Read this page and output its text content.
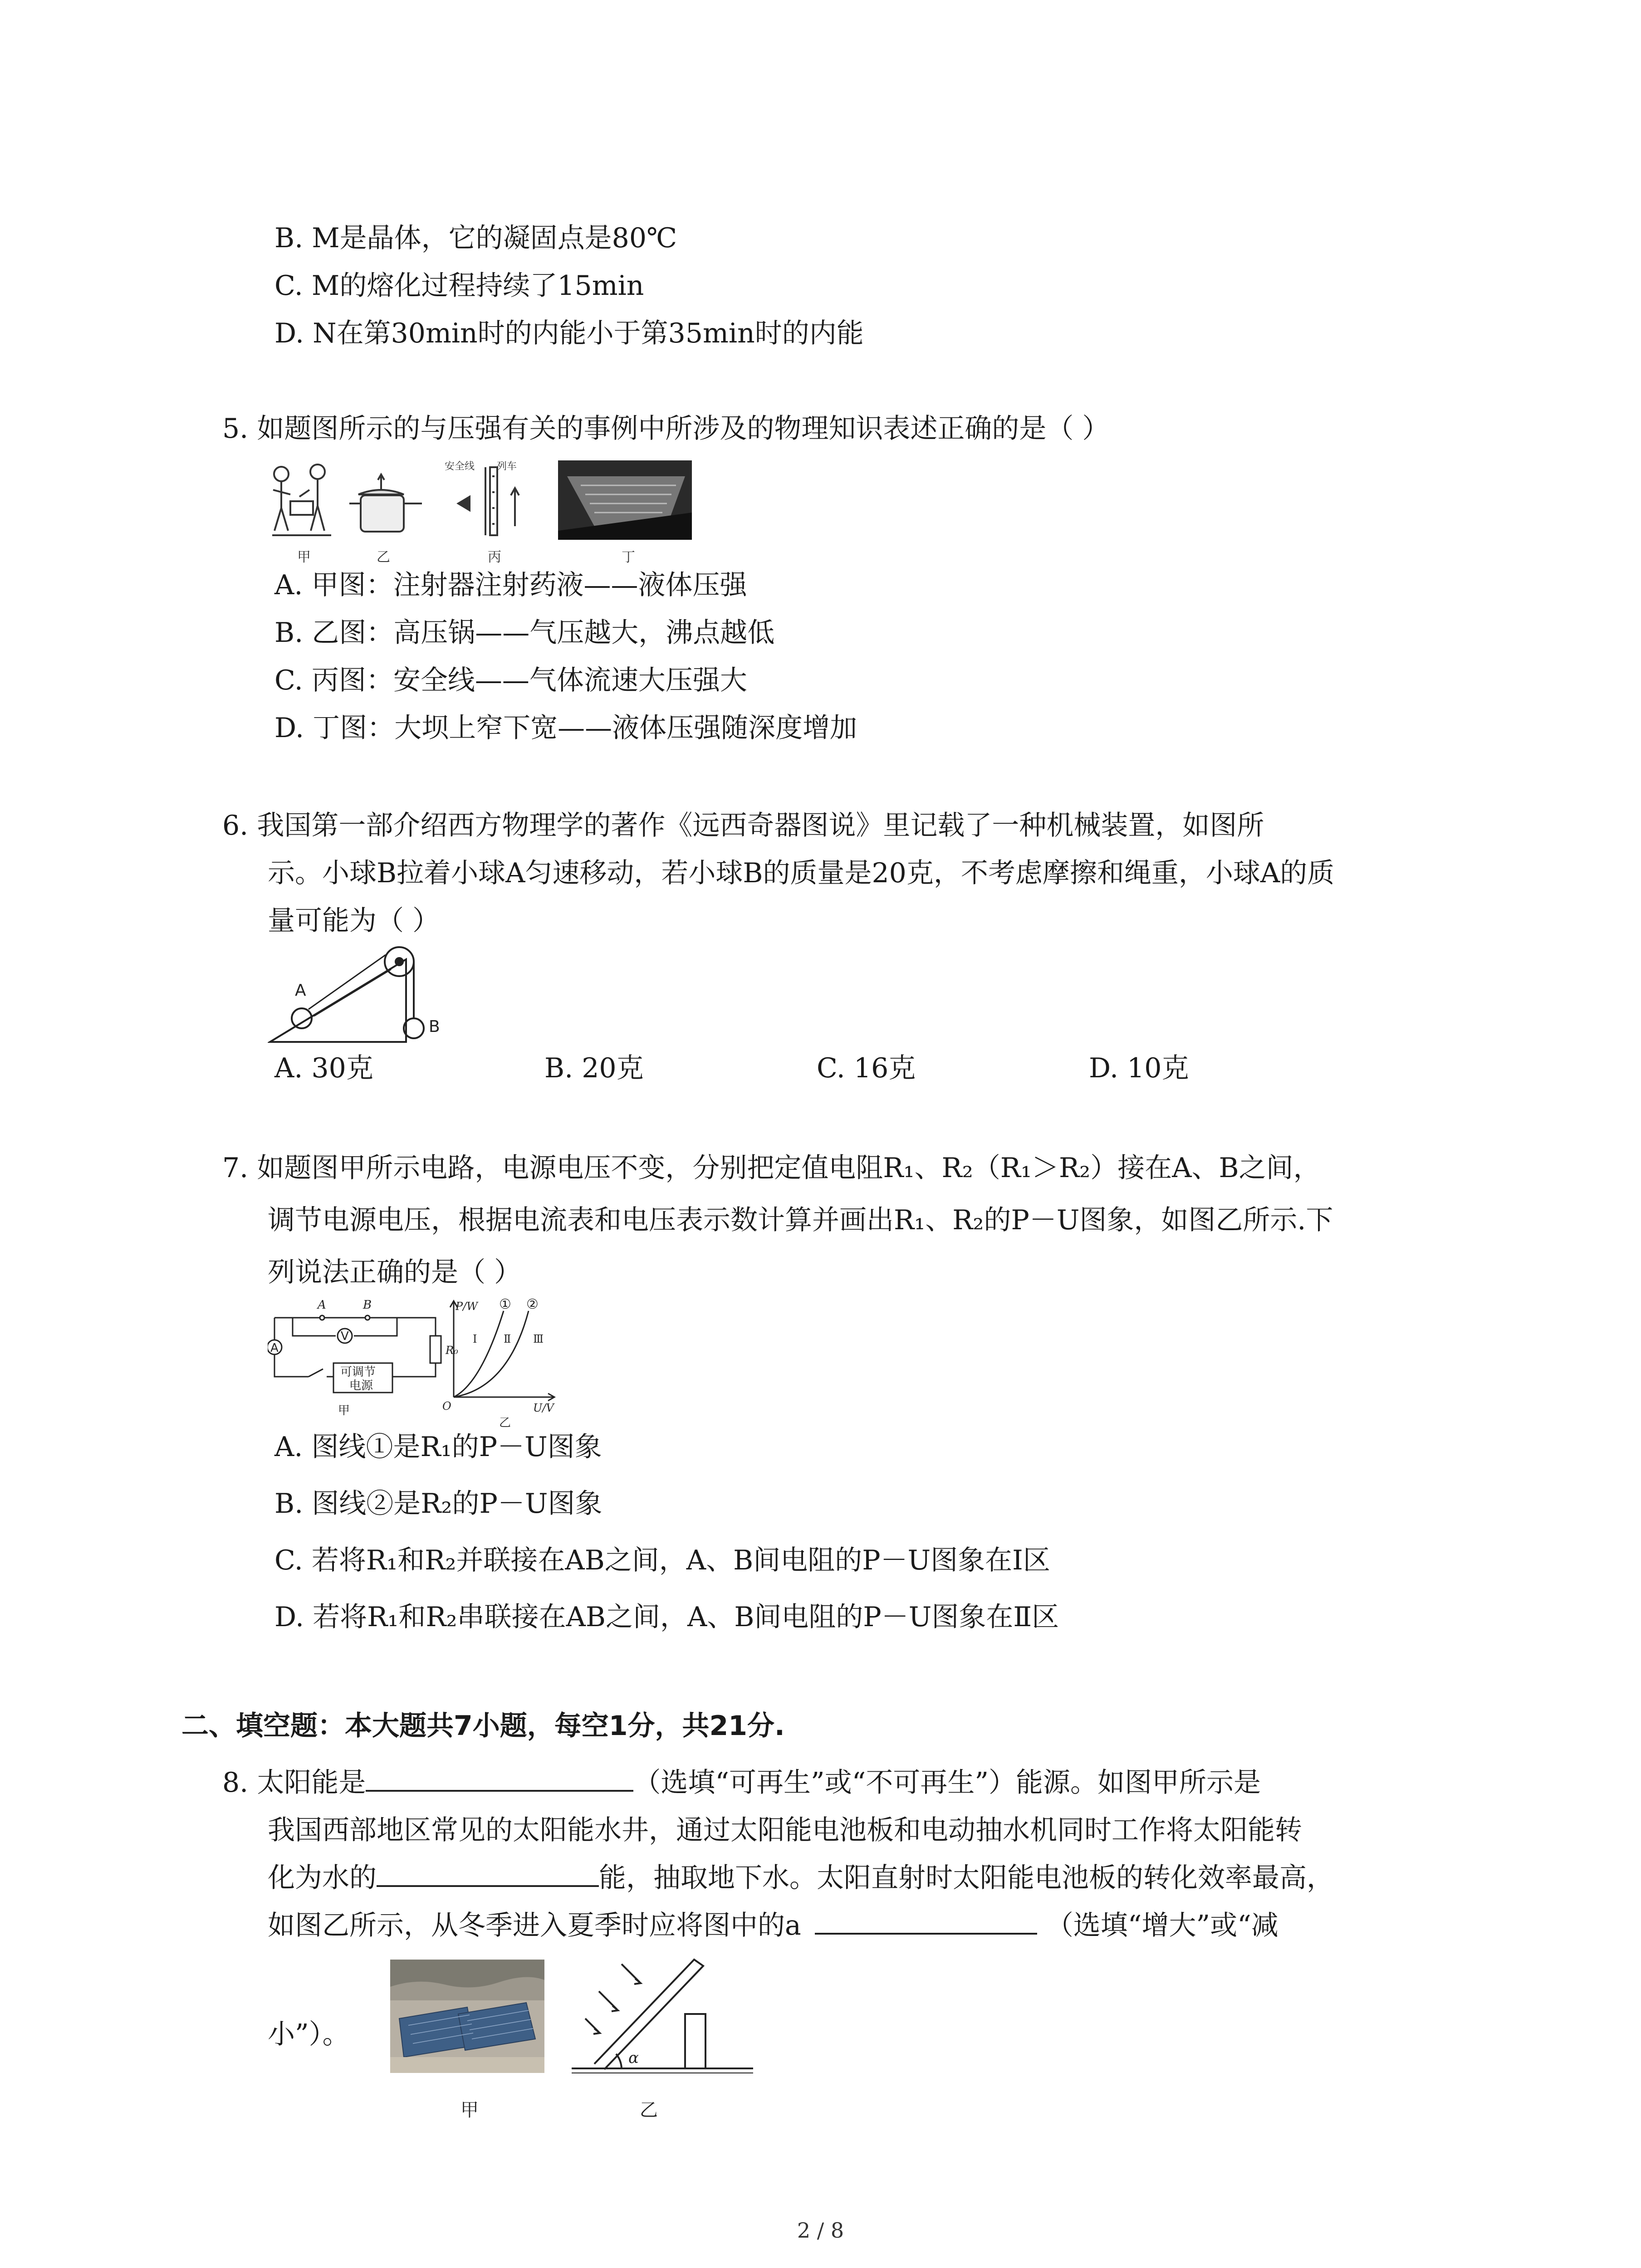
B. M是晶体，它的凝固点是80℃
C. M的熔化过程持续了15min
D. N在第30min时的内能小于第35min时的内能
5. 如题图所示的与压强有关的事例中所涉及的物理知识表述正确的是（ ）
甲	乙
安全线 列车
丙	丁
A. 甲图：注射器注射药液——液体压强
B. 乙图：高压锅——气压越大，沸点越低
C. 丙图：安全线——气体流速大压强大
D. 丁图：大坝上窄下宽——液体压强随深度增加
6. 我国第一部介绍西方物理学的著作《远西奇器图说》里记载了一种机械装置，如图所
示。小球B拉着小球A匀速移动，若小球B的质量是20克，不考虑摩擦和绳重，小球A的质
量可能为（ ）
A
B
A. 30克	B. 20克	C. 16克	D. 10克
7. 如题图甲所示电路，电源电压不变，分别把定值电阻R₁、R₂（R₁＞R₂）接在A、B之间，
调节电源电压，根据电流表和电压表示数计算并画出R₁、R₂的P－U图象，如图乙所示.下
列说法正确的是（ ）
A
V
A	B
R₀
可调节
电源
甲
P/W
U/V
O
① ②
Ⅰ Ⅱ Ⅲ
乙
A. 图线①是R₁的P－U图象
B. 图线②是R₂的P－U图象
C. 若将R₁和R₂并联接在AB之间，A、B间电阻的P－U图象在Ⅰ区
D. 若将R₁和R₂串联接在AB之间，A、B间电阻的P－U图象在Ⅱ区
二、填空题：本大题共7小题，每空1分，共21分.
8. 太阳能是	（选填“可再生”或“不可再生”）能源。如图甲所示是
我国西部地区常见的太阳能水井，通过太阳能电池板和电动抽水机同时工作将太阳能转
化为水的	能，抽取地下水。太阳直射时太阳能电池板的转化效率最高，
如图乙所示，从冬季进入夏季时应将图中的a	（选填“增大”或“减
小”）。
甲
α
乙
2 / 8
